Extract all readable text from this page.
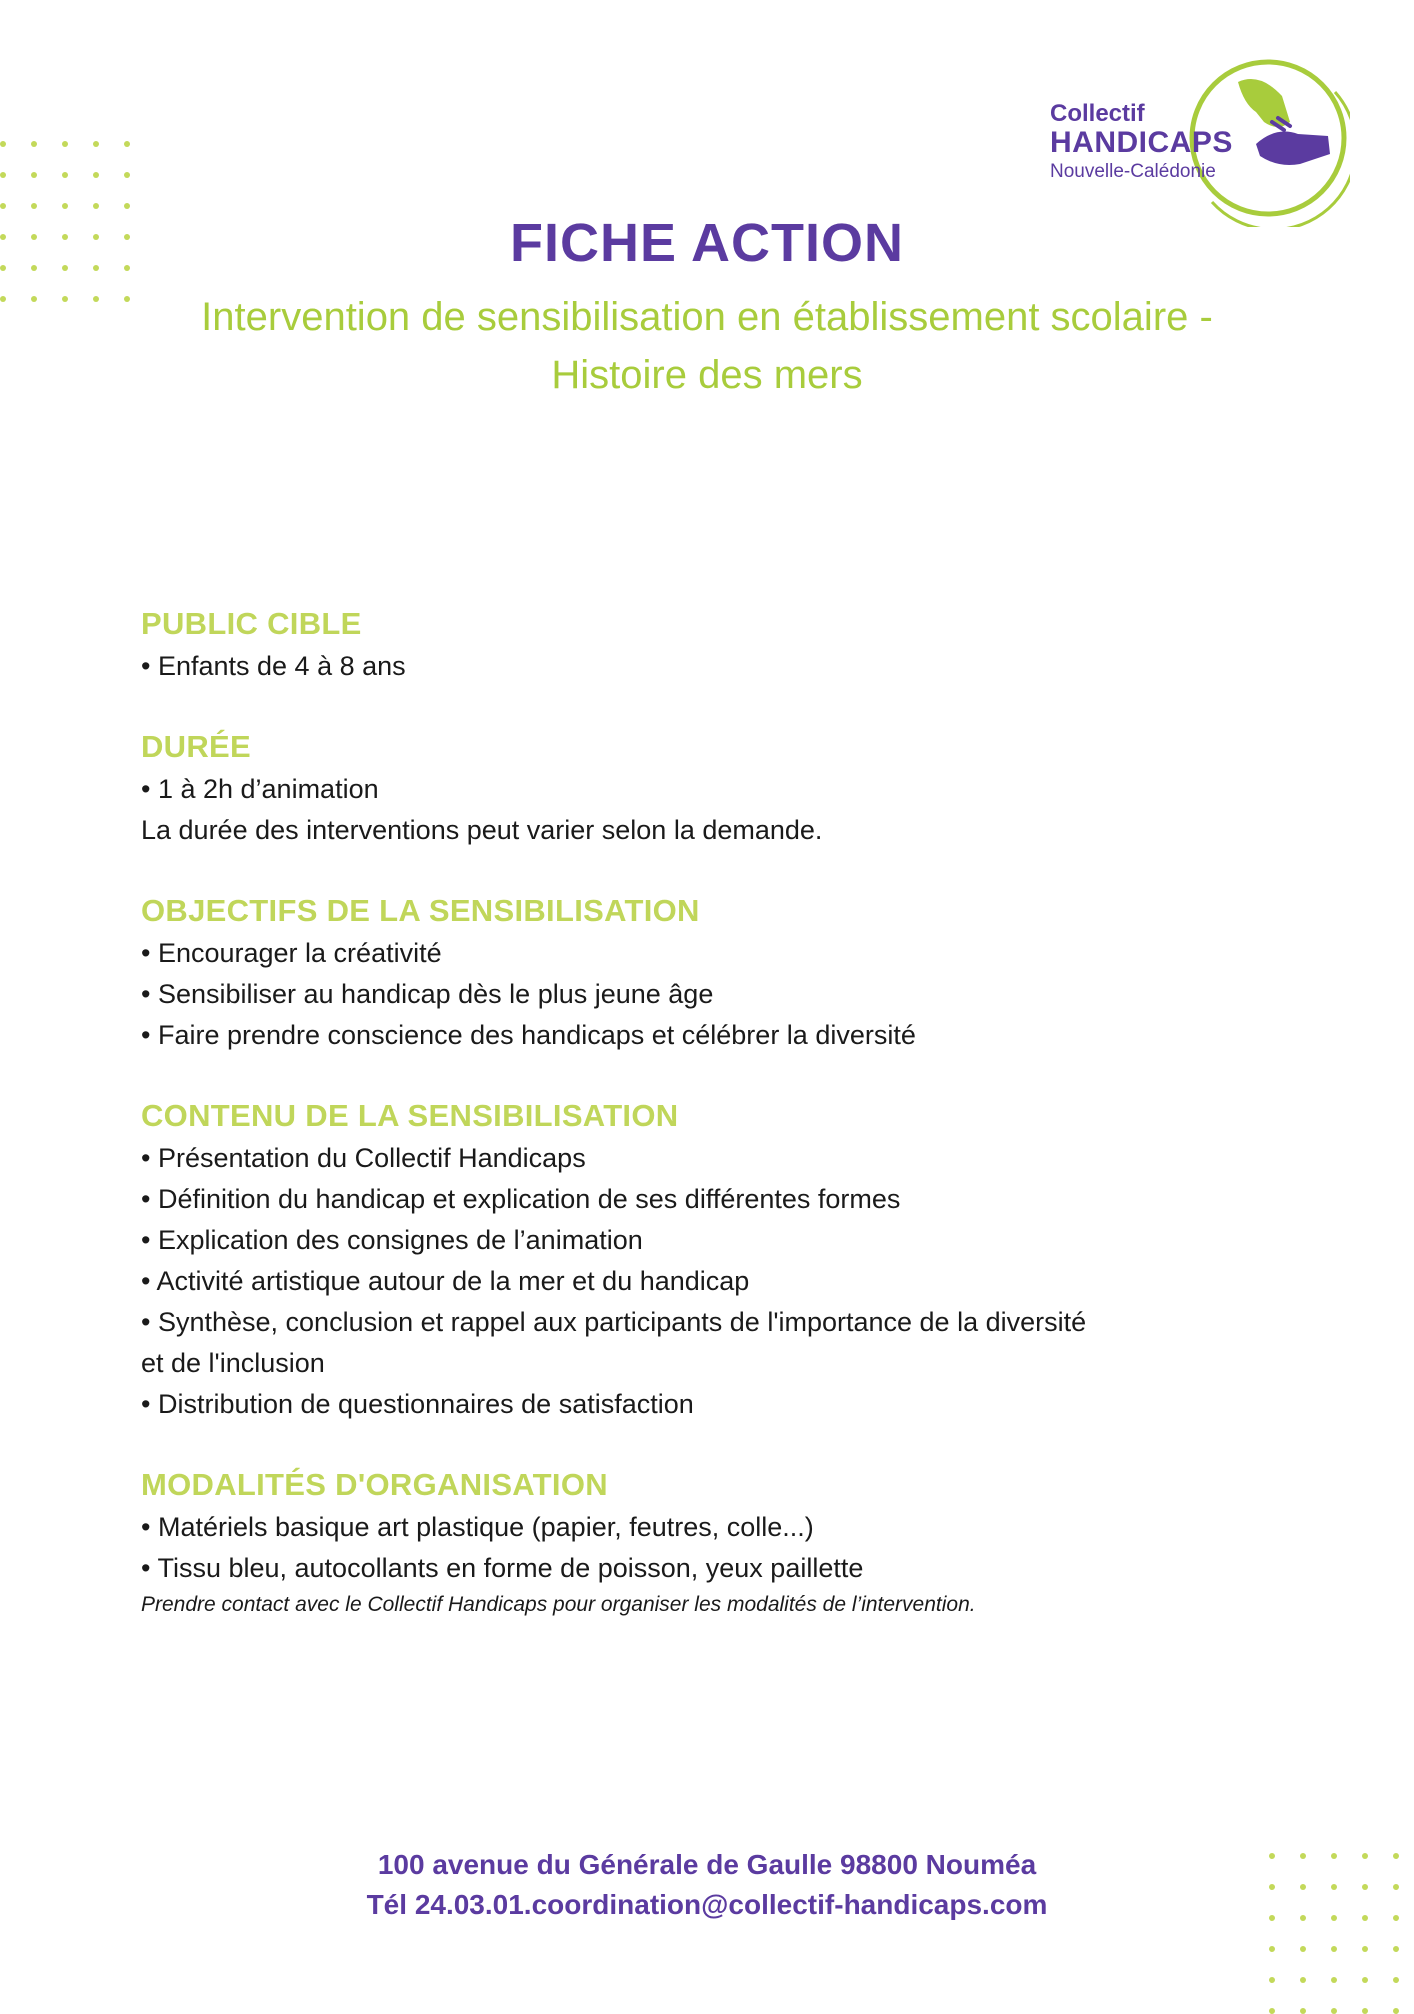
Collectif
HANDICAPS
Nouvelle-Calédonie
FICHE ACTION
Intervention de sensibilisation en établissement scolaire - Histoire des mers
PUBLIC CIBLE
• Enfants de 4 à 8 ans
DURÉE
• 1 à 2h d’animation
La durée des interventions peut varier selon la demande.
OBJECTIFS DE LA SENSIBILISATION
• Encourager la créativité
• Sensibiliser au handicap dès le plus jeune âge
• Faire prendre conscience des handicaps et célébrer la diversité
CONTENU DE LA SENSIBILISATION
• Présentation du Collectif Handicaps
• Définition du handicap et explication de ses différentes formes
• Explication des consignes de l’animation
• Activité artistique autour de la mer et du handicap
• Synthèse, conclusion et rappel aux participants de l'importance de la diversité
et de l'inclusion
• Distribution de questionnaires de satisfaction
MODALITÉS D'ORGANISATION
• Matériels basique art plastique (papier, feutres, colle...)
• Tissu bleu, autocollants en forme de poisson, yeux paillette
Prendre contact avec le Collectif Handicaps pour organiser les modalités de l’intervention.
100 avenue du Générale de Gaulle 98800 Nouméa
Tél 24.03.01.coordination@collectif-handicaps.com
